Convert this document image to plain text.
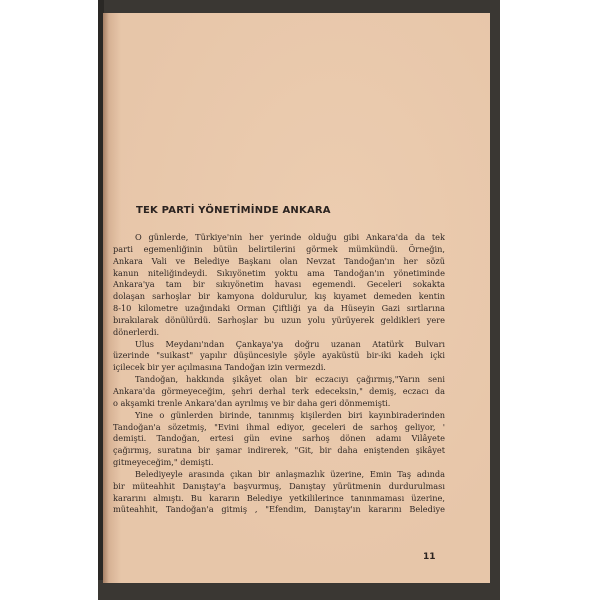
TEK PARTİ YÖNETİMİNDE ANKARA
O günlerde, Türkiye'nin her yerinde olduğu gibi Ankara'da da tek
parti egemenliğinin bütün belirtilerini görmek mümkündü. Örneğin,
Ankara Vali ve Belediye Başkanı olan Nevzat Tandoğan'ın her sözü
kanun niteliğindeydi. Sıkıyönetim yoktu ama Tandoğan'ın yönetiminde
Ankara'ya tam bir sıkıyönetim havası egemendi. Geceleri sokakta
dolaşan sarhoşlar bir kamyona doldurulur, kış kıyamet demeden kentin
8-10 kilometre uzağındaki Orman Çiftliği ya da Hüseyin Gazi sırtlarına
bırakılarak dönülürdü. Sarhoşlar bu uzun yolu yürüyerek geldikleri yere
dönerlerdi.
Ulus Meydanı'ndan Çankaya'ya doğru uzanan Atatürk Bulvarı
üzerinde "suikast" yapılır düşüncesiyle şöyle ayaküstü bir-iki kadeh içki
içilecek bir yer açılmasına Tandoğan izin vermezdi.
Tandoğan, hakkında şikâyet olan bir eczacıyı çağırmış,"Yarın seni
Ankara'da görmeyeceğim, şehri derhal terk edeceksin," demiş, eczacı da
o akşamki trenle Ankara'dan ayrılmış ve bir daha geri dönmemişti.
Yine o günlerden birinde, tanınmış kişilerden biri kayınbiraderinden
Tandoğan'a sözetmiş, "Evini ihmal ediyor, geceleri de sarhoş geliyor, '
demişti. Tandoğan, ertesi gün evine sarhoş dönen adamı Vilâyete
çağırmış, suratına bir şamar indirerek, "Git, bir daha eniştenden şikâyet
gitmeyeceğim," demişti.
Belediyeyle arasında çıkan bir anlaşmazlık üzerine, Emin Taş adında
bir müteahhit Danıştay'a başvurmuş, Danıştay yürütmenin durdurulması
kararını almıştı. Bu kararın Belediye yetkililerince tanınmaması üzerine,
müteahhit, Tandoğan'a gitmiş , "Efendim, Danıştay'ın kararını Belediye
11
